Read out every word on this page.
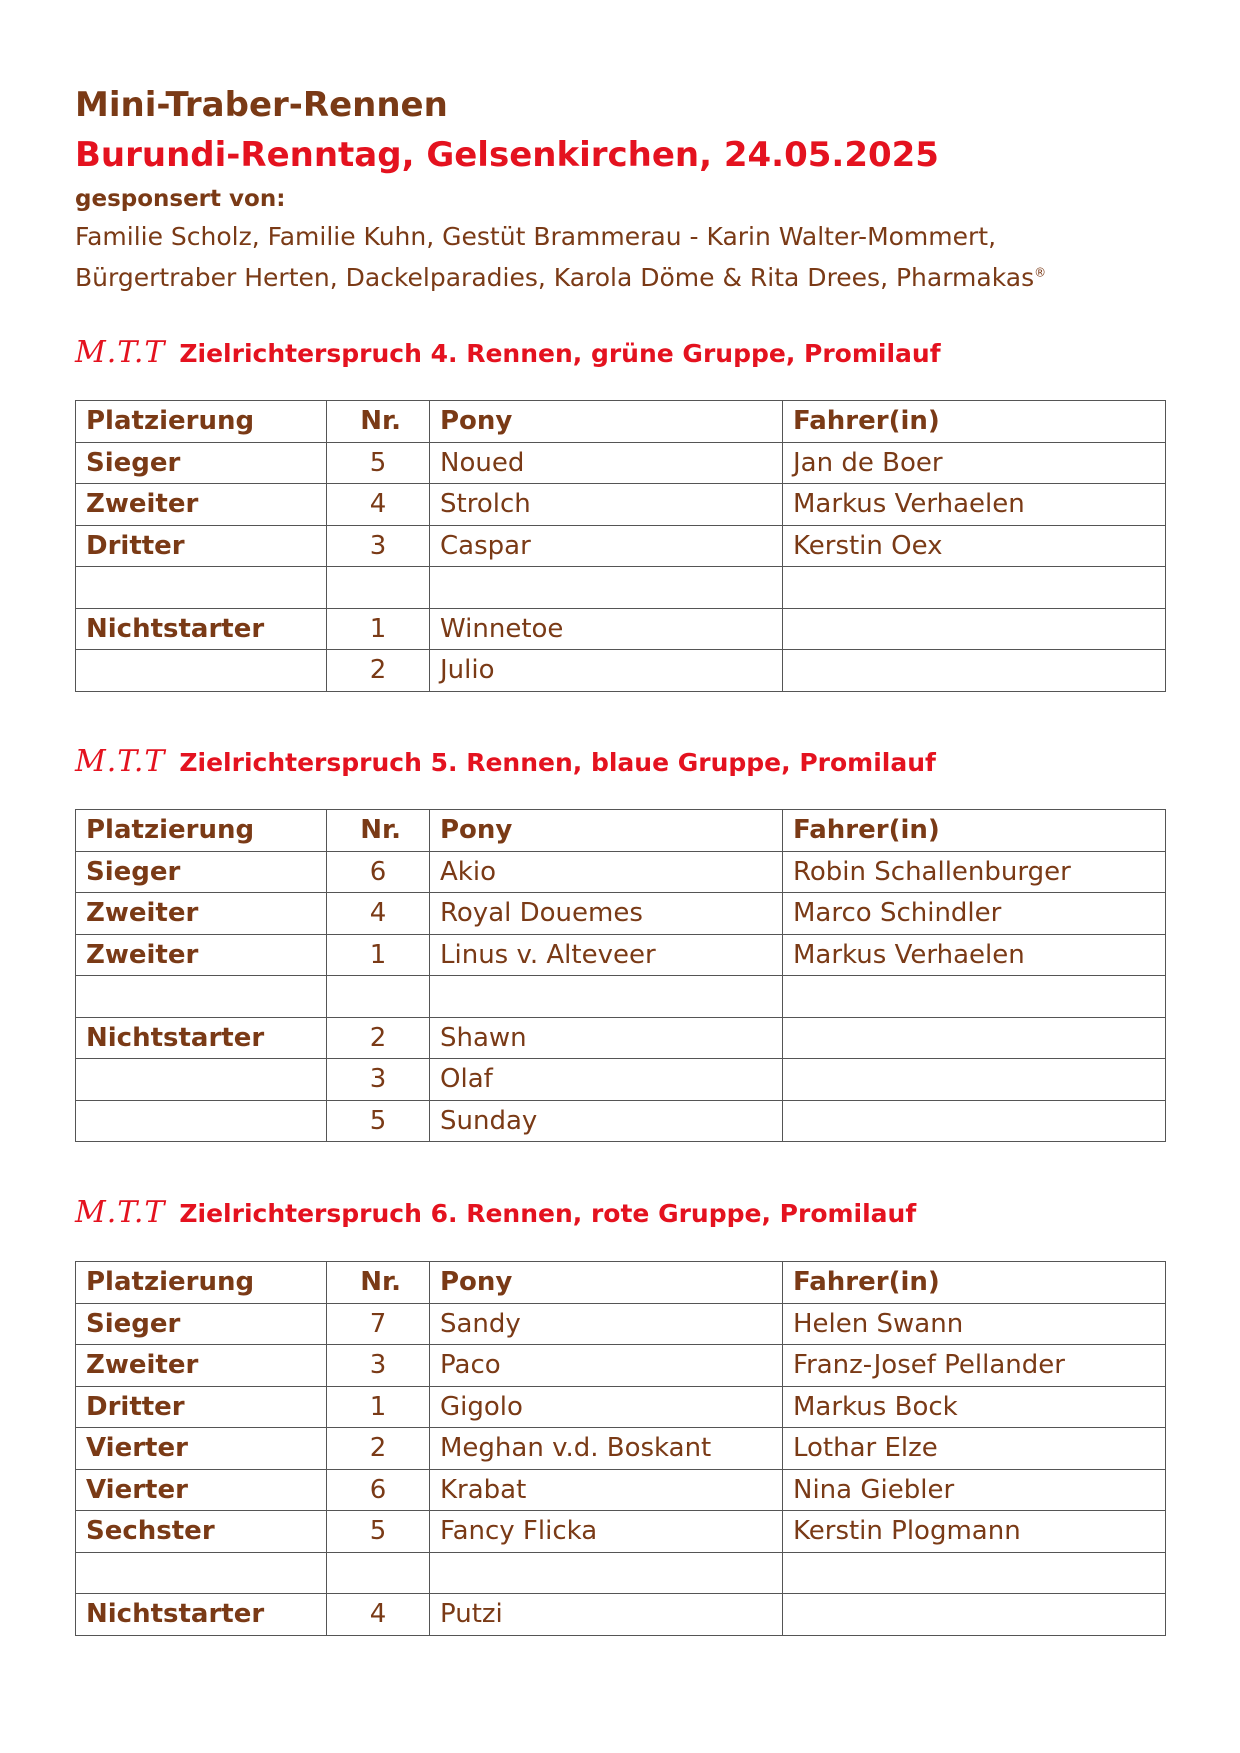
Mini-Traber-Rennen
Burundi-Renntag, Gelsenkirchen, 24.05.2025
gesponsert von:
Familie Scholz, Familie Kuhn, Gestüt Brammerau - Karin Walter-Mommert,
Bürgertraber Herten, Dackelparadies, Karola Döme & Rita Drees, Pharmakas®
M.T.T Zielrichterspruch 4. Rennen, grüne Gruppe, Promilauf
Platzierung	Nr.	Pony	Fahrer(in)
Sieger	5	Noued	Jan de Boer
Zweiter	4	Strolch	Markus Verhaelen
Dritter	3	Caspar	Kerstin Oex

Nichtstarter	1	Winnetoe	
	2	Julio	
M.T.T Zielrichterspruch 5. Rennen, blaue Gruppe, Promilauf
Platzierung	Nr.	Pony	Fahrer(in)
Sieger	6	Akio	Robin Schallenburger
Zweiter	4	Royal Douemes	Marco Schindler
Zweiter	1	Linus v. Alteveer	Markus Verhaelen

Nichtstarter	2	Shawn	
	3	Olaf	
	5	Sunday	
M.T.T Zielrichterspruch 6. Rennen, rote Gruppe, Promilauf
Platzierung	Nr.	Pony	Fahrer(in)
Sieger	7	Sandy	Helen Swann
Zweiter	3	Paco	Franz-Josef Pellander
Dritter	1	Gigolo	Markus Bock
Vierter	2	Meghan v.d. Boskant	Lothar Elze
Vierter	6	Krabat	Nina Giebler
Sechster	5	Fancy Flicka	Kerstin Plogmann

Nichtstarter	4	Putzi	
